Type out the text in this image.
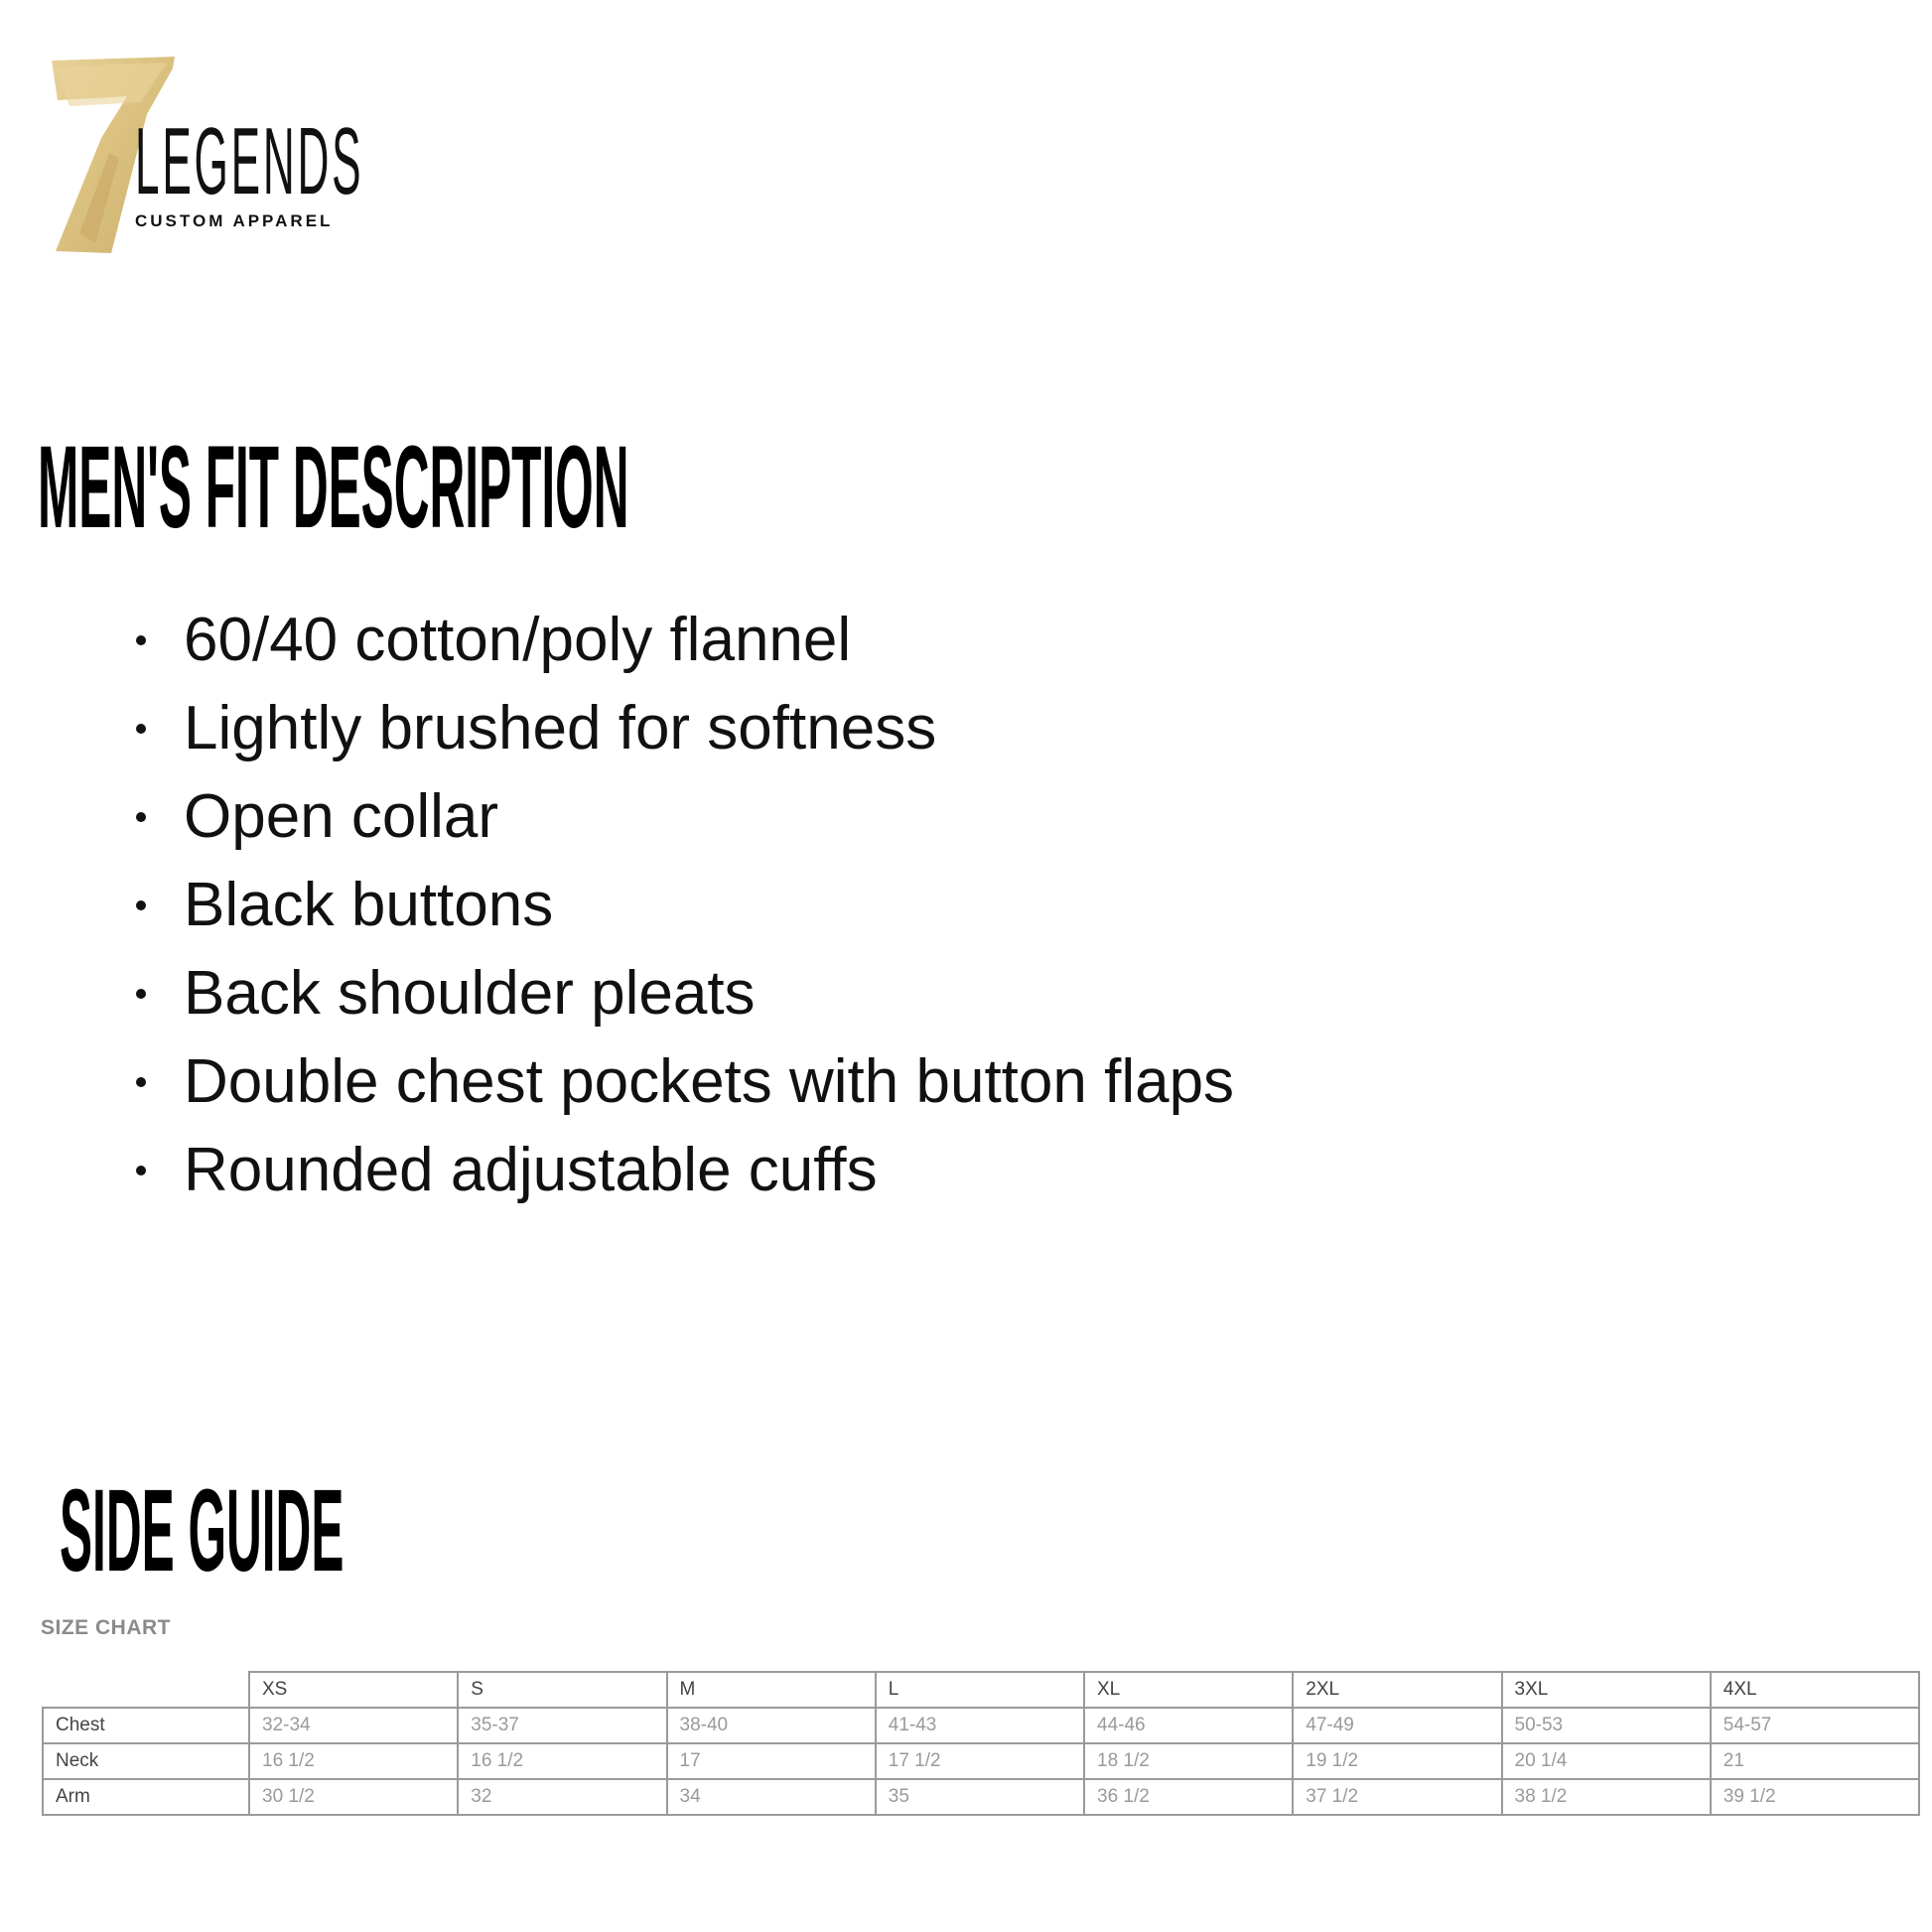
LEGENDS

CUSTOM APPAREL

MEN'S FIT DESCRIPTION
60/40 cotton/poly flannel
Lightly brushed for softness
Open collar
Black buttons
Back shoulder pleats
Double chest pockets with button flaps
Rounded adjustable cuffs
SIDE GUIDE

SIZE CHART

	XS	S	M	L	XL	2XL	3XL	4XL
Chest	32-34	35-37	38-40	41-43	44-46	47-49	50-53	54-57
Neck	16 1/2	16 1/2	17	17 1/2	18 1/2	19 1/2	20 1/4	21
Arm	30 1/2	32	34	35	36 1/2	37 1/2	38 1/2	39 1/2
